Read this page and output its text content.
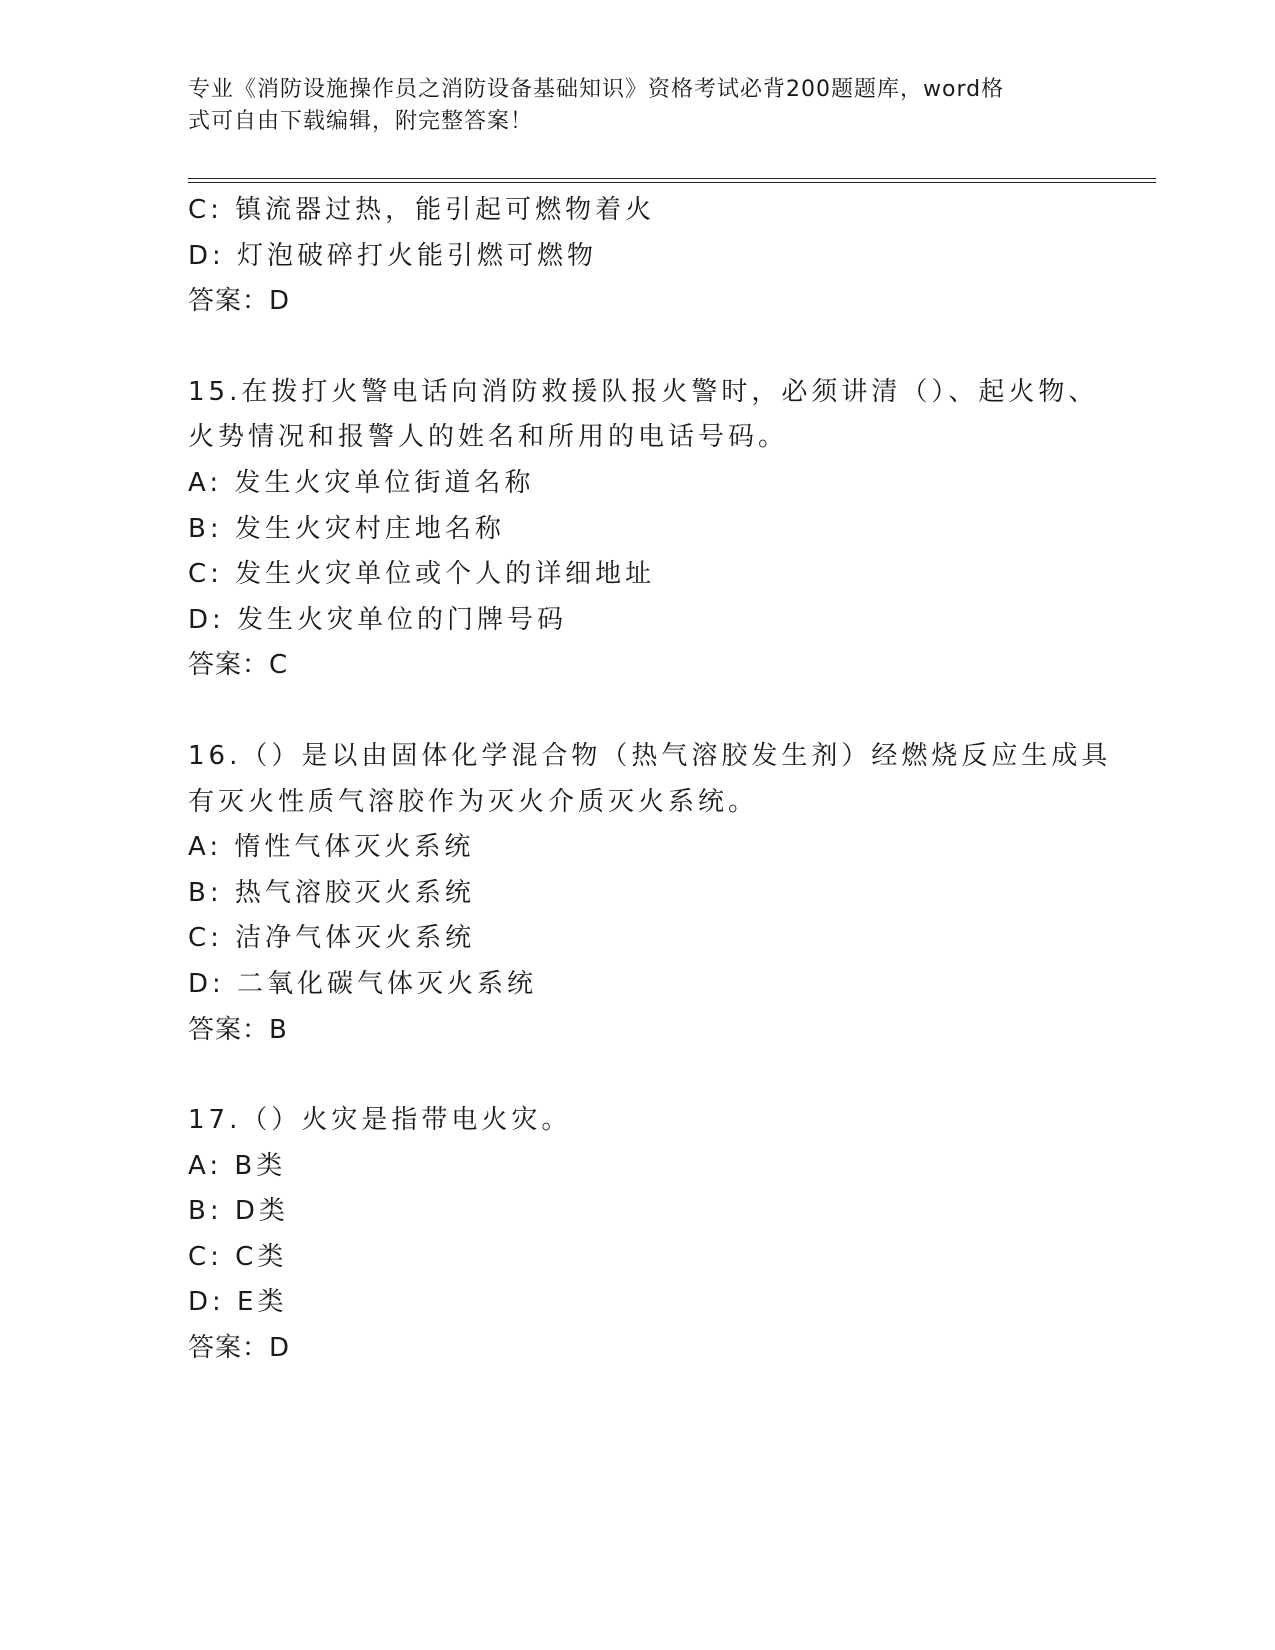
专业《消防设施操作员之消防设备基础知识》资格考试必背200题题库，word格
式可自由下载编辑，附完整答案！
C: 镇流器过热，能引起可燃物着火
D: 灯泡破碎打火能引燃可燃物
答案：D
15.在拨打火警电话向消防救援队报火警时，必须讲清（）、起火物、
火势情况和报警人的姓名和所用的电话号码。
A: 发生火灾单位街道名称
B: 发生火灾村庄地名称
C: 发生火灾单位或个人的详细地址
D: 发生火灾单位的门牌号码
答案：C
16.（）是以由固体化学混合物（热气溶胶发生剂）经燃烧反应生成具
有灭火性质气溶胶作为灭火介质灭火系统。
A: 惰性气体灭火系统
B: 热气溶胶灭火系统
C: 洁净气体灭火系统
D: 二氧化碳气体灭火系统
答案：B
17.（）火灾是指带电火灾。
A: B类
B: D类
C: C类
D: E类
答案：D
